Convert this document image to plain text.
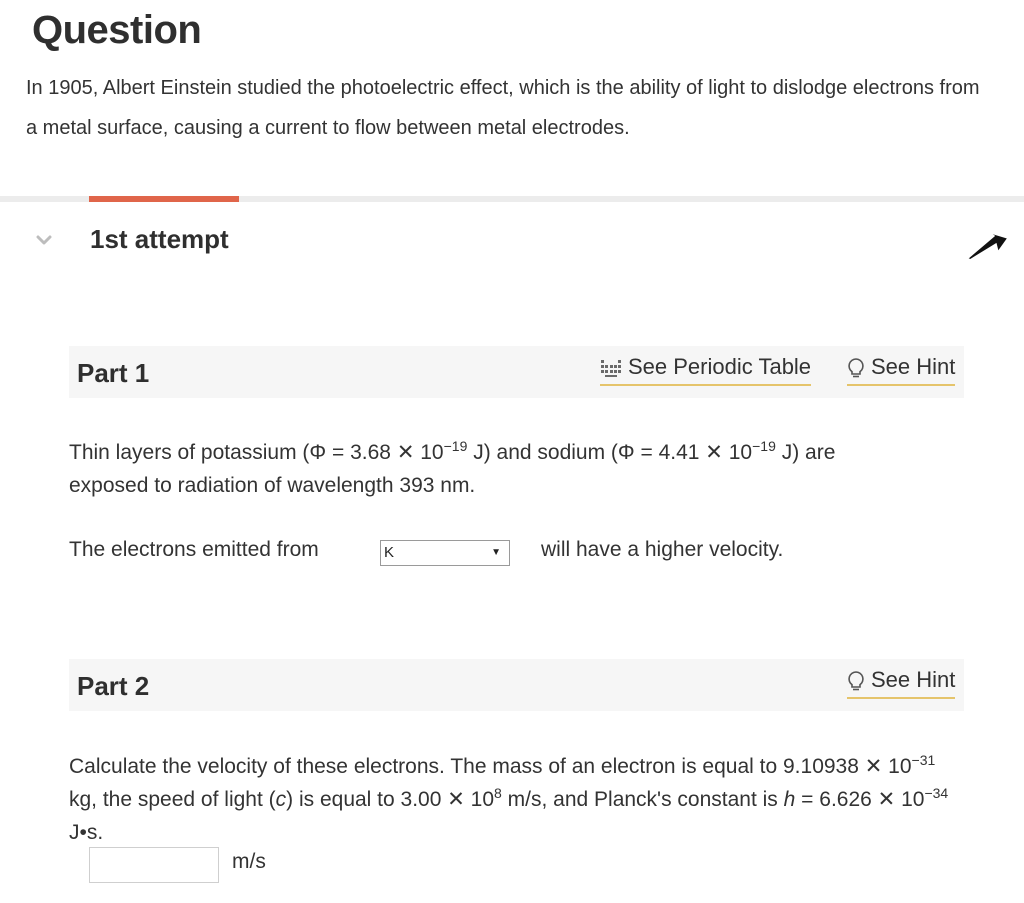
Question

In 1905, Albert Einstein studied the photoelectric effect, which is the ability of light to dislodge electrons from a metal surface, causing a current to flow between metal electrodes.

1st attempt
Part 1	See Periodic Table	See Hint

Thin layers of potassium (Φ = 3.68 ✕ $10^{-19}$ J) and sodium (Φ = 4.41 ✕ $10^{-19}$ J) are exposed to radiation of wavelength 393 nm.

The electrons emitted from	K	▼ will have a higher velocity.
Part 2	See Hint

Calculate the velocity of these electrons. The mass of an electron is equal to 9.10938 ✕ $10^{-31}$ kg, the speed of light (c) is equal to 3.00 ✕ $10^8$ m/s, and Planck's constant is h = 6.626 ✕ $10^{-34}$ J•s.

m/s
